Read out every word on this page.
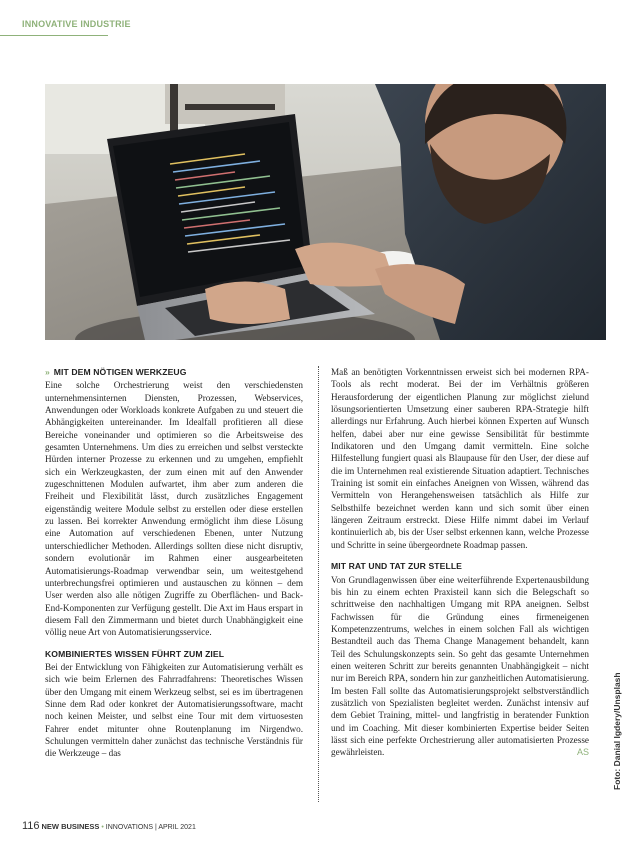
INNOVATIVE INDUSTRIE
» MIT DEM NÖTIGEN WERKZEUG

Eine solche Orchestrierung weist den verschiedensten unternehmensinternen Diensten, Prozessen, Webservices, Anwendungen oder Workloads konkrete Aufgaben zu und steuert die Abhängigkeiten untereinander. Im Idealfall profitieren all diese Bereiche voneinander und optimieren so die Arbeitsweise des gesamten Unternehmens. Um dies zu erreichen und selbst versteckte Hürden interner Prozesse zu erkennen und zu umgehen, empfiehlt sich ein Werkzeugkasten, der zum einen mit auf den Anwender zugeschnittenen Modulen aufwartet, ihm aber zum anderen die Freiheit und Flexibilität lässt, durch zusätzliches Engagement eigenständig weitere Module selbst zu erstellen oder diese erstellen zu lassen. Bei korrekter Anwendung ermöglicht ihm diese Lösung eine Automation auf verschiedenen Ebenen, unter Nutzung unterschiedlicher Methoden. Allerdings sollten diese nicht disruptiv, sondern evolutionär im Rahmen einer ausgearbeiteten Automatisierungs-Roadmap verwendbar sein, um weitestgehend unterbrechungsfrei optimieren und austauschen zu können – dem User werden also alle nötigen Zugriffe zu Oberflächen- und Back-End-Komponenten zur Verfügung gestellt. Die Axt im Haus erspart in diesem Fall den Zimmermann und bietet durch Unabhängigkeit eine völlig neue Art von Automatisierungsservice.

KOMBINIERTES WISSEN FÜHRT ZUM ZIEL

Bei der Entwicklung von Fähigkeiten zur Automatisierung verhält es sich wie beim Erlernen des Fahrradfahrens: Theoretisches Wissen über den Umgang mit einem Werkzeug selbst, sei es im übertragenen Sinne dem Rad oder konkret der Automatisierungssoftware, macht noch keinen Meister, und selbst eine Tour mit dem virtuosesten Fahrer endet mitunter ohne Routenplanung im Nirgendwo. Schulungen vermitteln daher zunächst das technische Verständnis für die Werkzeuge – das

Maß an benötigten Vorkenntnissen erweist sich bei modernen RPA-Tools als recht moderat. Bei der im Verhältnis größeren Herausforderung der eigentlichen Planung zur möglichst zielund lösungsorientierten Umsetzung einer sauberen RPA-Strategie hilft allerdings nur Erfahrung. Auch hierbei können Experten auf Wunsch helfen, dabei aber nur eine gewisse Sensibilität für bestimmte Indikatoren und den Umgang damit vermitteln. Eine solche Hilfestellung fungiert quasi als Blaupause für den User, der diese auf die im Unternehmen real existierende Situation adaptiert. Technisches Training ist somit ein einfaches Aneignen von Wissen, während das Vermitteln von Herangehensweisen tatsächlich als Hilfe zur Selbsthilfe bezeichnet werden kann und sich somit über einen längeren Zeitraum erstreckt. Diese Hilfe nimmt dabei im Verlauf kontinuierlich ab, bis der User selbst erkennen kann, welche Prozesse und Schritte in seine übergeordnete Roadmap passen.

MIT RAT UND TAT ZUR STELLE

Von Grundlagenwissen über eine weiterführende Expertenausbildung bis hin zu einem echten Praxisteil kann sich die Belegschaft so schrittweise den nachhaltigen Umgang mit RPA aneignen. Selbst Fachwissen für die Gründung eines firmeneigenen Kompetenzzentrums, welches in einem solchen Fall als wichtigen Bestandteil auch das Thema Change Management behandelt, kann Teil des Schulungskonzepts sein. So geht das gesamte Unternehmen einen weiteren Schritt zur bereits genannten Unabhängigkeit – nicht nur im Bereich RPA, sondern hin zur ganzheitlichen Automatisierung. Im besten Fall sollte das Automatisierungsprojekt selbstverständlich zusätzlich von Spezialisten begleitet werden. Zunächst intensiv auf dem Gebiet Training, mittel- und langfristig in beratender Funktion und im Coaching. Mit dieser kombinierten Expertise beider Seiten lässt sich eine perfekte Orchestrierung aller automatisierten Prozesse gewährleisten.	AS	Foto: Danial Igdery/Unsplash
116 NEW BUSINESS • INNOVATIONS | APRIL 2021
